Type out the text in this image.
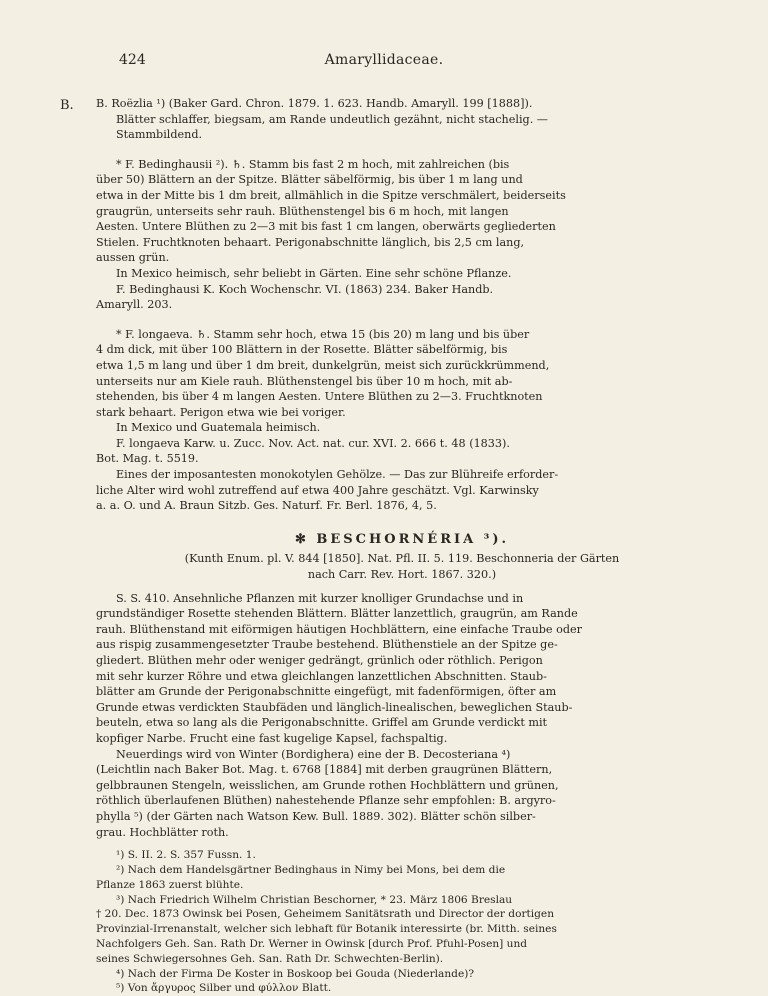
424	Amaryllidaceae.
B. B. Roëzlia ¹) (Baker Gard. Chron. 1879. 1. 623. Handb. Amaryll. 199 [1888]).

Blätter schlaffer, biegsam, am Rande undeutlich gezähnt, nicht stachelig. —

Stammbildend.

* F. Bedinghausii ²). ♄. Stamm bis fast 2 m hoch, mit zahlreichen (bis

über 50) Blättern an der Spitze. Blätter säbelförmig, bis über 1 m lang und

etwa in der Mitte bis 1 dm breit, allmählich in die Spitze verschmälert, beiderseits

graugrün, unterseits sehr rauh. Blüthenstengel bis 6 m hoch, mit langen

Aesten. Untere Blüthen zu 2—3 mit bis fast 1 cm langen, oberwärts gegliederten

Stielen. Fruchtknoten behaart. Perigonabschnitte länglich, bis 2,5 cm lang,

aussen grün.

In Mexico heimisch, sehr beliebt in Gärten. Eine sehr schöne Pflanze.

F. Bedinghausi K. Koch Wochenschr. VI. (1863) 234. Baker Handb.

Amaryll. 203.

* F. longaeva. ♄. Stamm sehr hoch, etwa 15 (bis 20) m lang und bis über

4 dm dick, mit über 100 Blättern in der Rosette. Blätter säbelförmig, bis

etwa 1,5 m lang und über 1 dm breit, dunkelgrün, meist sich zurückkrümmend,

unterseits nur am Kiele rauh. Blüthenstengel bis über 10 m hoch, mit ab-

stehenden, bis über 4 m langen Aesten. Untere Blüthen zu 2—3. Fruchtknoten

stark behaart. Perigon etwa wie bei voriger.

In Mexico und Guatemala heimisch.

F. longaeva Karw. u. Zucc. Nov. Act. nat. cur. XVI. 2. 666 t. 48 (1833).

Bot. Mag. t. 5519.

Eines der imposantesten monokotylen Gehölze. — Das zur Blühreife erforder-

liche Alter wird wohl zutreffend auf etwa 400 Jahre geschätzt. Vgl. Karwinsky

a. a. O. und A. Braun Sitzb. Ges. Naturf. Fr. Berl. 1876, 4, 5.

✻ BESCHORNÉRIA ³).

(Kunth Enum. pl. V. 844 [1850]. Nat. Pfl. II. 5. 119. Beschonneria der Gärten

nach Carr. Rev. Hort. 1867. 320.)

S. S. 410. Ansehnliche Pflanzen mit kurzer knolliger Grundachse und in

grundständiger Rosette stehenden Blättern. Blätter lanzettlich, graugrün, am Rande

rauh. Blüthenstand mit eiförmigen häutigen Hochblättern, eine einfache Traube oder

aus rispig zusammengesetzter Traube bestehend. Blüthenstiele an der Spitze ge-

gliedert. Blüthen mehr oder weniger gedrängt, grünlich oder röthlich. Perigon

mit sehr kurzer Röhre und etwa gleichlangen lanzettlichen Abschnitten. Staub-

blätter am Grunde der Perigonabschnitte eingefügt, mit fadenförmigen, öfter am

Grunde etwas verdickten Staubfäden und länglich-linealischen, beweglichen Staub-

beuteln, etwa so lang als die Perigonabschnitte. Griffel am Grunde verdickt mit

kopfiger Narbe. Frucht eine fast kugelige Kapsel, fachspaltig.

Neuerdings wird von Winter (Bordighera) eine der B. Decosteriana ⁴)

(Leichtlin nach Baker Bot. Mag. t. 6768 [1884] mit derben graugrünen Blättern,

gelbbraunen Stengeln, weisslichen, am Grunde rothen Hochblättern und grünen,

röthlich überlaufenen Blüthen) nahestehende Pflanze sehr empfohlen: B. argyro-

phylla ⁵) (der Gärten nach Watson Kew. Bull. 1889. 302). Blätter schön silber-

grau. Hochblätter roth.

¹) S. II. 2. S. 357 Fussn. 1.

²) Nach dem Handelsgärtner Bedinghaus in Nimy bei Mons, bei dem die

Pflanze 1863 zuerst blühte.

³) Nach Friedrich Wilhelm Christian Beschorner, * 23. März 1806 Breslau

† 20. Dec. 1873 Owinsk bei Posen, Geheimem Sanitätsrath und Director der dortigen

Provinzial-Irrenanstalt, welcher sich lebhaft für Botanik interessirte (br. Mitth. seines

Nachfolgers Geh. San. Rath Dr. Werner in Owinsk [durch Prof. Pfuhl-Posen] und

seines Schwiegersohnes Geh. San. Rath Dr. Schwechten-Berlin).

⁴) Nach der Firma De Koster in Boskoop bei Gouda (Niederlande)?

⁵) Von ἄργυρος Silber und φύλλον Blatt.
